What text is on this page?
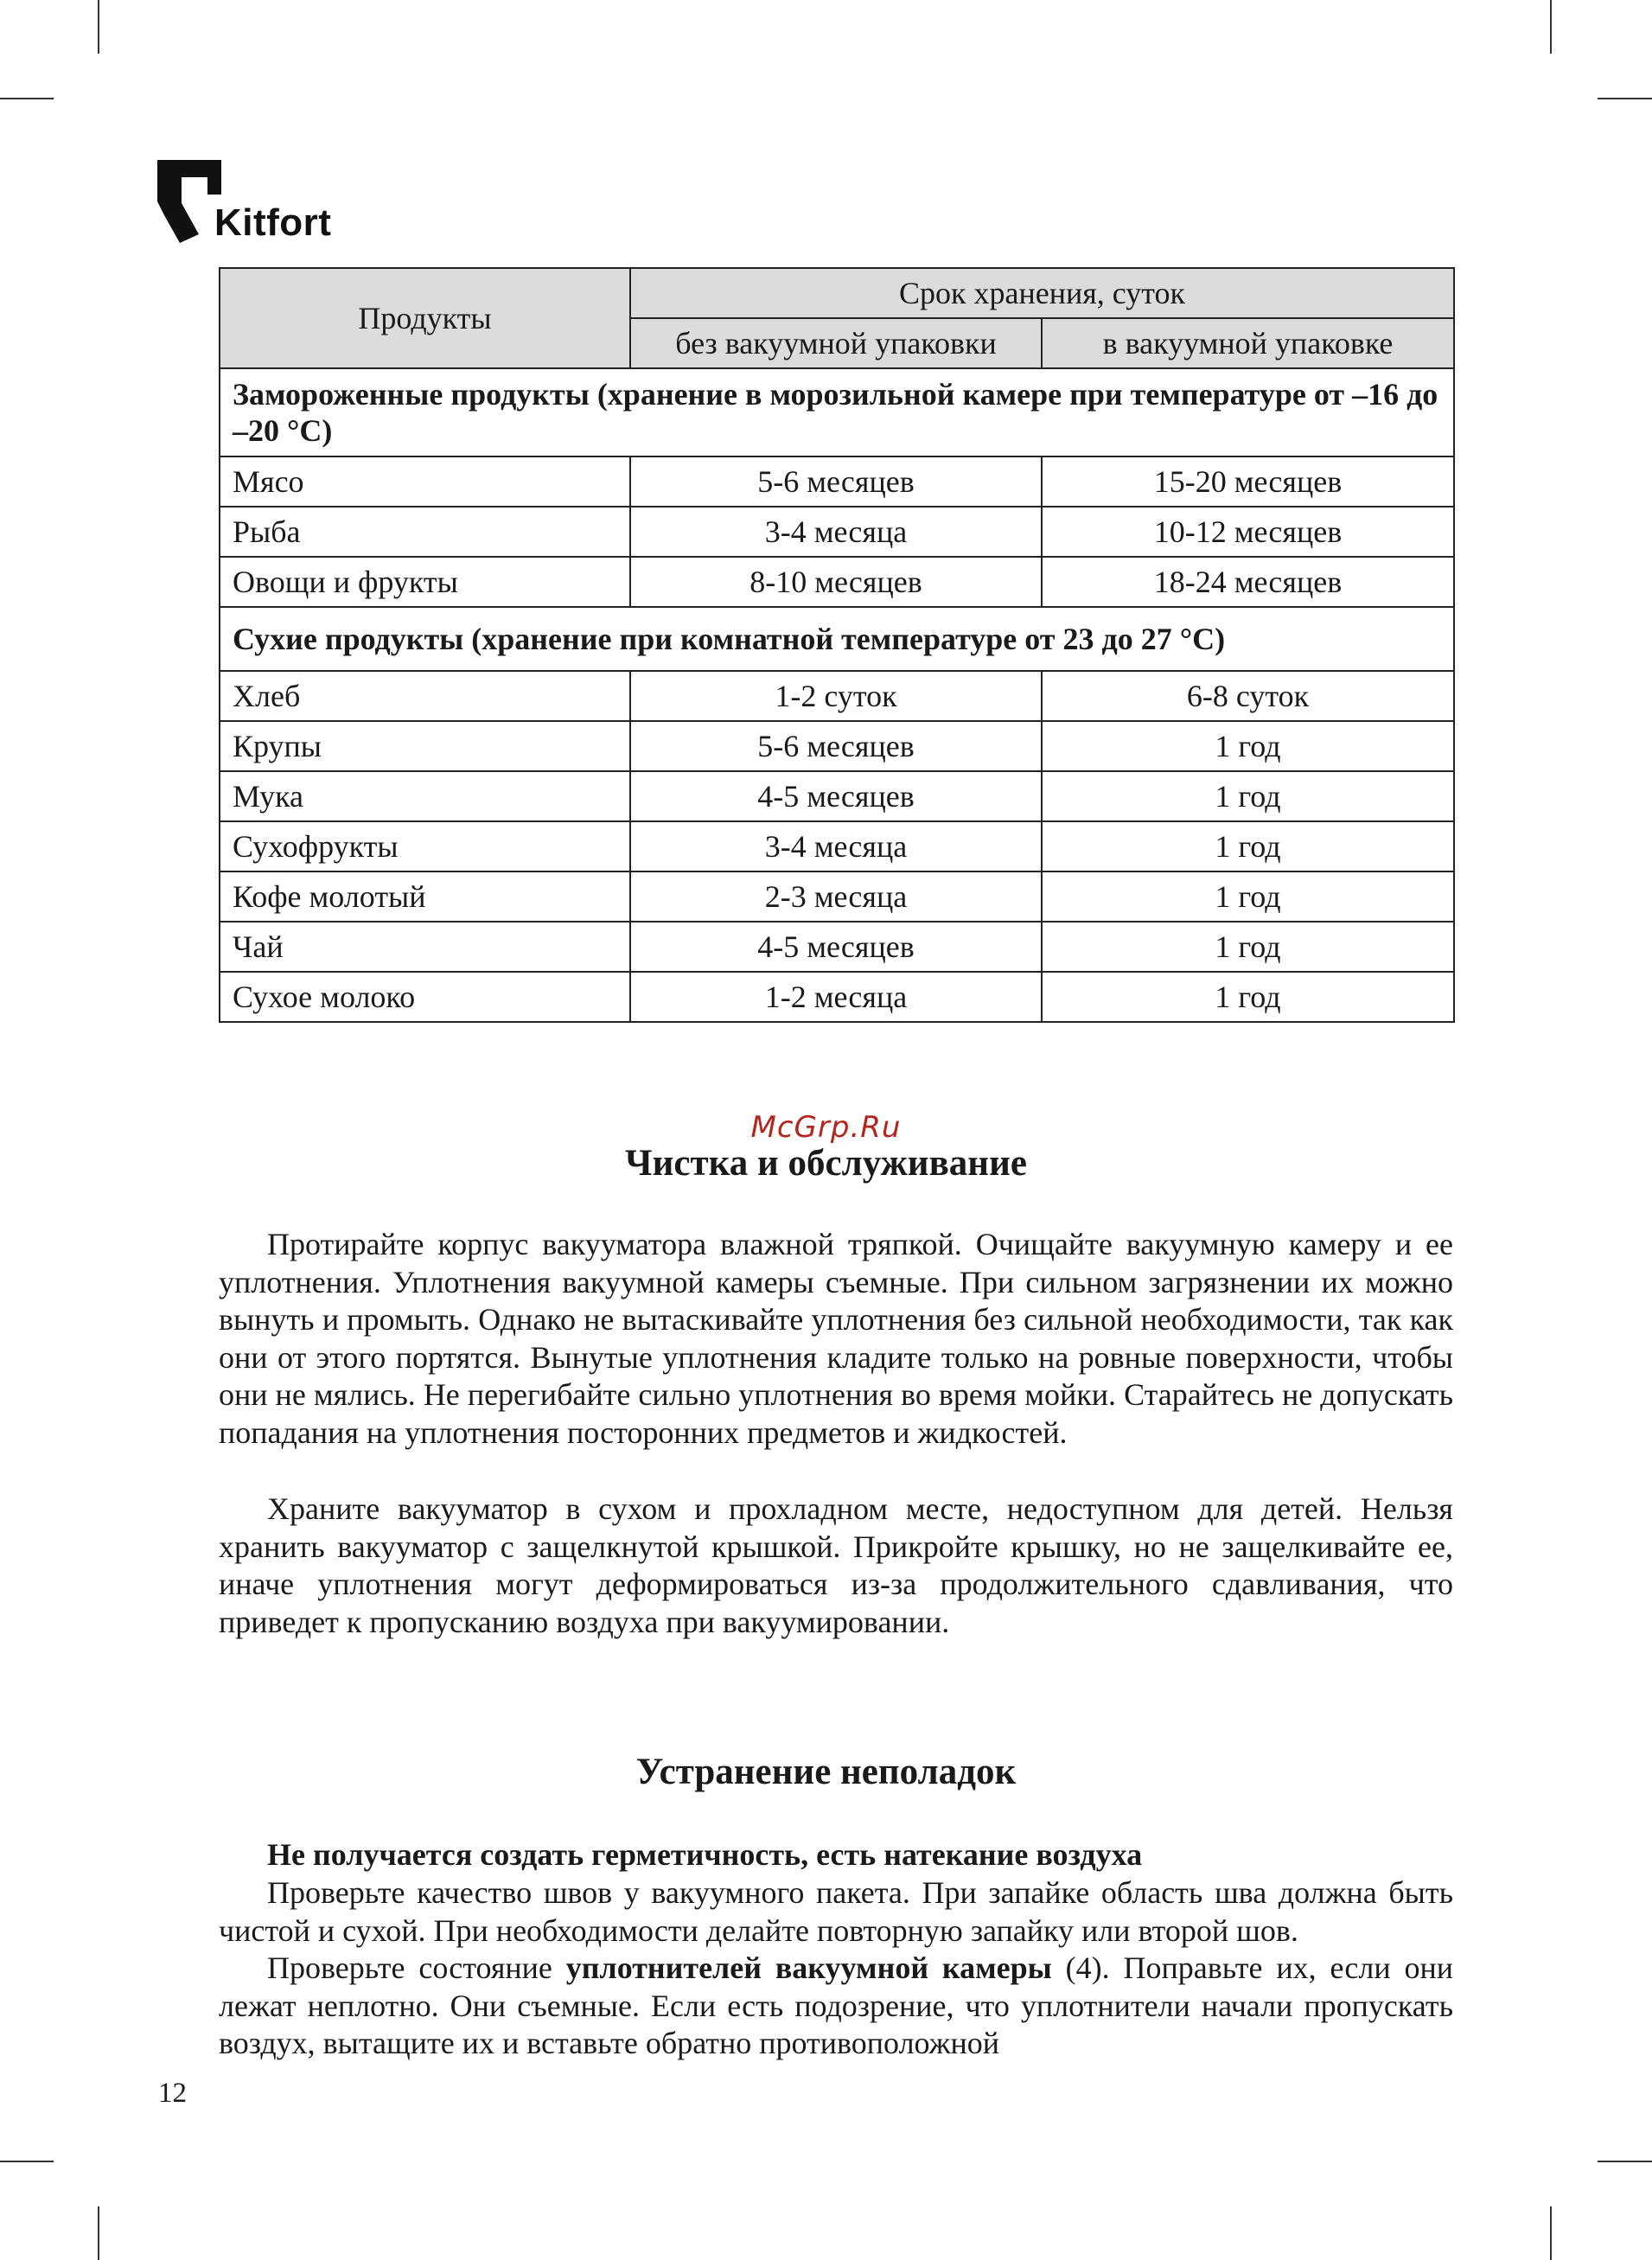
Kitfort
Продукты	Срок хранения, суток	
	без вакуумной упаковки	в вакуумной упаковке
Замороженные продукты (хранение в морозильной камере при температуре от –16 до –20 °C)		
Мясо	5-6 месяцев	15-20 месяцев
Рыба	3-4 месяца	10-12 месяцев
Овощи и фрукты	8-10 месяцев	18-24 месяцев
Сухие продукты (хранение при комнатной температуре от 23 до 27 °C)		
Хлеб	1-2 суток	6-8 суток
Крупы	5-6 месяцев	1 год
Мука	4-5 месяцев	1 год
Сухофрукты	3-4 месяца	1 год
Кофе молотый	2-3 месяца	1 год
Чай	4-5 месяцев	1 год
Сухое молоко	1-2 месяца	1 год
McGrp.Ru
Чистка и обслуживание

Протирайте корпус вакууматора влажной тряпкой. Очищайте вакуумную камеру и ее уплотнения. Уплотнения вакуумной камеры съемные. При сильном загрязнении их можно вынуть и промыть. Однако не вытаскивайте уплотнения без сильной необходимости, так как они от этого портятся. Вынутые уплотнения кладите только на ровные поверхности, чтобы они не мялись. Не перегибайте сильно уплотнения во время мойки. Старайтесь не допускать попадания на уплотнения посторонних предметов и жидкостей.

Храните вакууматор в сухом и прохладном месте, недоступном для детей. Нельзя хранить вакууматор с защелкнутой крышкой. Прикройте крышку, но не защелкивайте ее, иначе уплотнения могут деформироваться из-за продолжительного сдавливания, что приведет к пропусканию воздуха при вакуумировании.

Устранение неполадок

Не получается создать герметичность, есть натекание воздуха

Проверьте качество швов у вакуумного пакета. При запайке область шва должна быть чистой и сухой. При необходимости делайте повторную запайку или второй шов.

Проверьте состояние уплотнителей вакуумной камеры (4). Поправьте их, если они лежат неплотно. Они съемные. Если есть подозрение, что уплотнители начали пропускать воздух, вытащите их и вставьте обратно противоположной

12
